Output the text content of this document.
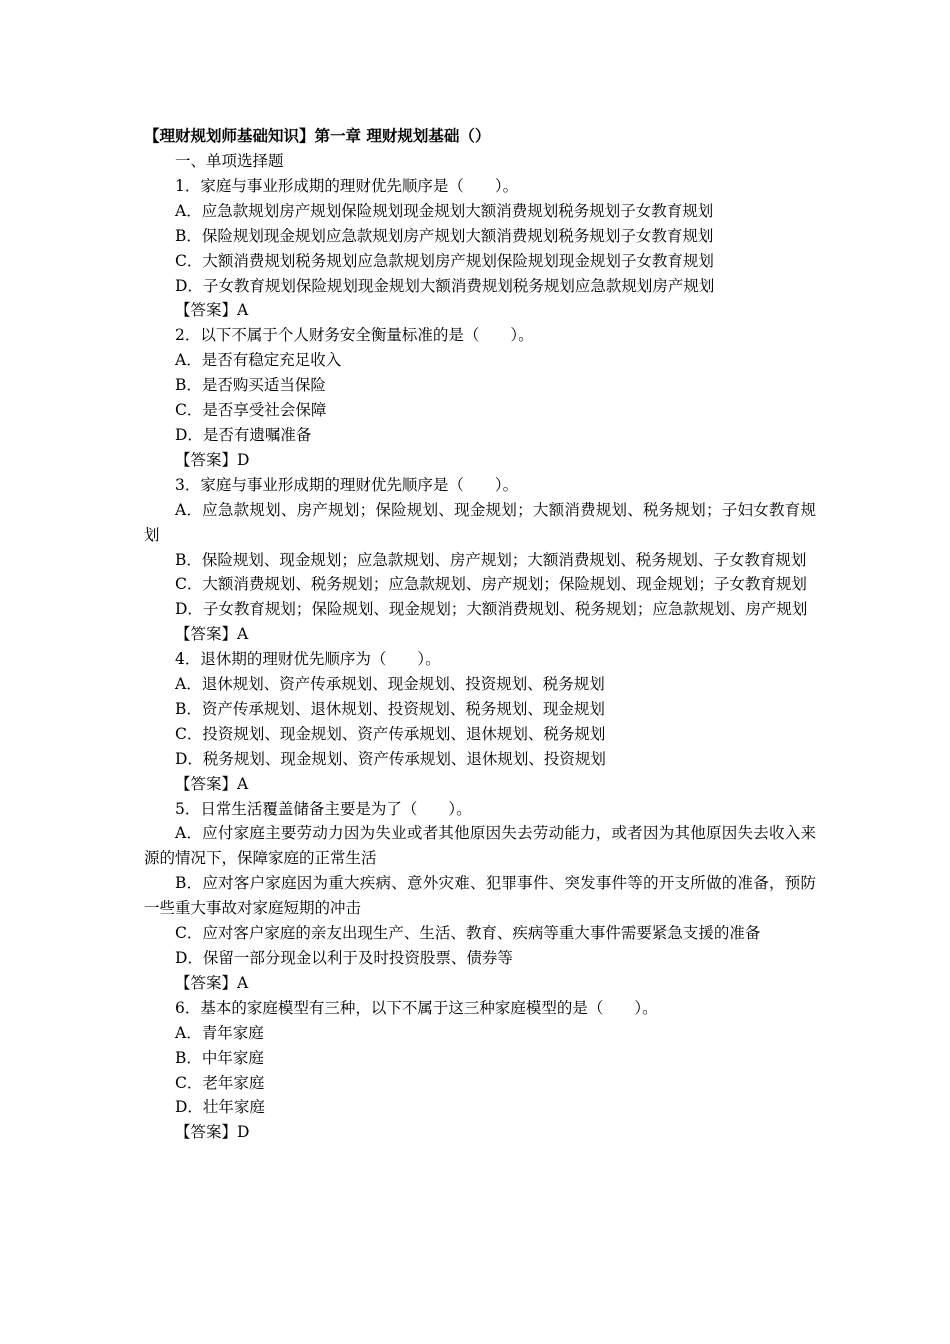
【理财规划师基础知识】第一章 理财规划基础（）
一、单项选择题
1．家庭与事业形成期的理财优先顺序是（　　）。
A．应急款规划房产规划保险规划现金规划大额消费规划税务规划子女教育规划
B．保险规划现金规划应急款规划房产规划大额消费规划税务规划子女教育规划
C．大额消费规划税务规划应急款规划房产规划保险规划现金规划子女教育规划
D．子女教育规划保险规划现金规划大额消费规划税务规划应急款规划房产规划
【答案】A
2．以下不属于个人财务安全衡量标准的是（　　）。
A．是否有稳定充足收入
B．是否购买适当保险
C．是否享受社会保障
D．是否有遗嘱准备
【答案】D
3．家庭与事业形成期的理财优先顺序是（　　）。
A．应急款规划、房产规划；保险规划、现金规划；大额消费规划、税务规划；子妇女教育规划
B．保险规划、现金规划；应急款规划、房产规划；大额消费规划、税务规划、子女教育规划
C．大额消费规划、税务规划；应急款规划、房产规划；保险规划、现金规划；子女教育规划
D．子女教育规划；保险规划、现金规划；大额消费规划、税务规划；应急款规划、房产规划
【答案】A
4．退休期的理财优先顺序为（　　）。
A．退休规划、资产传承规划、现金规划、投资规划、税务规划
B．资产传承规划、退休规划、投资规划、税务规划、现金规划
C．投资规划、现金规划、资产传承规划、退休规划、税务规划
D．税务规划、现金规划、资产传承规划、退休规划、投资规划
【答案】A
5．日常生活覆盖储备主要是为了（　　）。
A．应付家庭主要劳动力因为失业或者其他原因失去劳动能力，或者因为其他原因失去收入来源的情况下，保障家庭的正常生活
B．应对客户家庭因为重大疾病、意外灾难、犯罪事件、突发事件等的开支所做的准备，预防一些重大事故对家庭短期的冲击
C．应对客户家庭的亲友出现生产、生活、教育、疾病等重大事件需要紧急支援的准备
D．保留一部分现金以利于及时投资股票、债券等
【答案】A
6．基本的家庭模型有三种，以下不属于这三种家庭模型的是（　　）。
A．青年家庭
B．中年家庭
C．老年家庭
D．壮年家庭
【答案】D
